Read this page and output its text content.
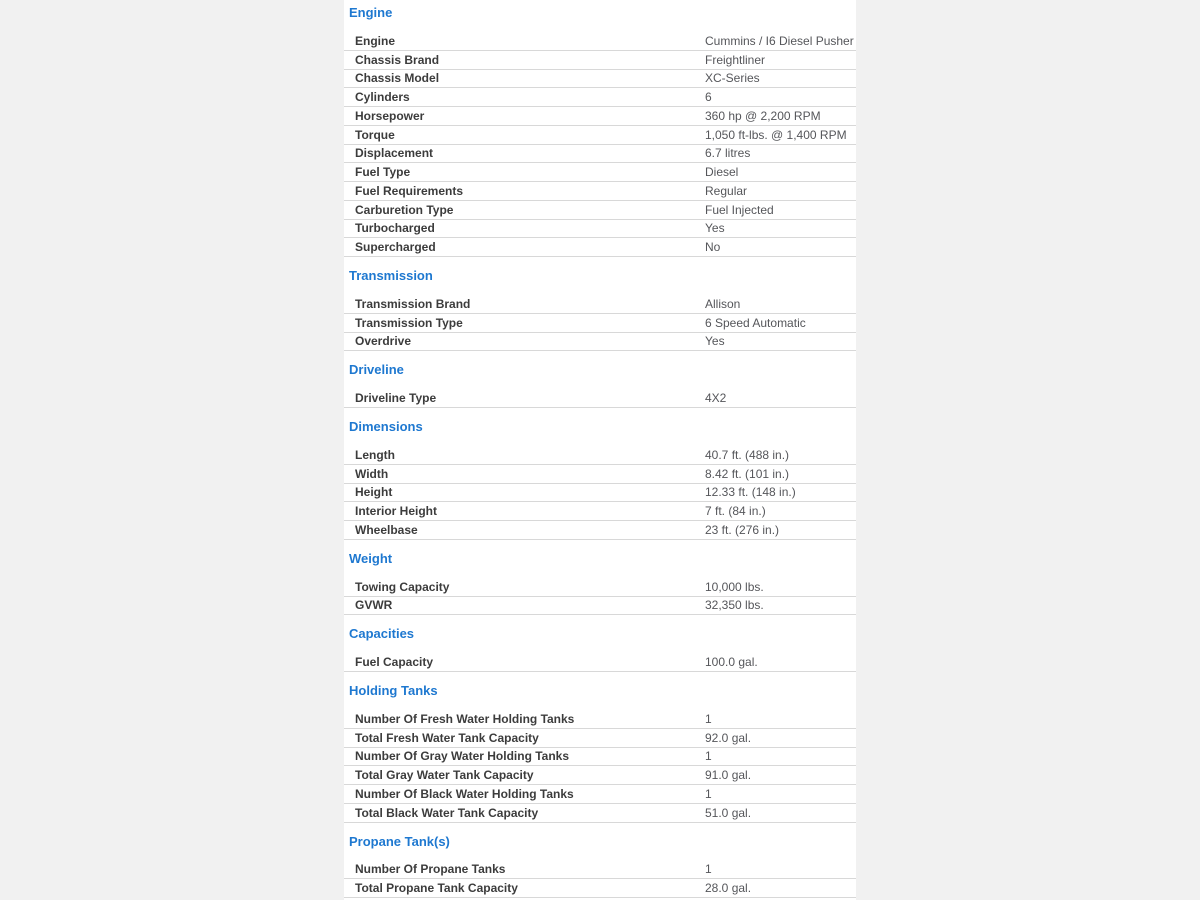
Engine
Engine	Cummins / I6 Diesel Pusher
Chassis Brand	Freightliner
Chassis Model	XC-Series
Cylinders	6
Horsepower	360 hp @ 2,200 RPM
Torque	1,050 ft-lbs. @ 1,400 RPM
Displacement	6.7 litres
Fuel Type	Diesel
Fuel Requirements	Regular
Carburetion Type	Fuel Injected
Turbocharged	Yes
Supercharged	No
Transmission
Transmission Brand	Allison
Transmission Type	6 Speed Automatic
Overdrive	Yes
Driveline
Driveline Type	4X2
Dimensions
Length	40.7 ft. (488 in.)
Width	8.42 ft. (101 in.)
Height	12.33 ft. (148 in.)
Interior Height	7 ft. (84 in.)
Wheelbase	23 ft. (276 in.)
Weight
Towing Capacity	10,000 lbs.
GVWR	32,350 lbs.
Capacities
Fuel Capacity	100.0 gal.
Holding Tanks
Number Of Fresh Water Holding Tanks	1
Total Fresh Water Tank Capacity	92.0 gal.
Number Of Gray Water Holding Tanks	1
Total Gray Water Tank Capacity	91.0 gal.
Number Of Black Water Holding Tanks	1
Total Black Water Tank Capacity	51.0 gal.
Propane Tank(s)
Number Of Propane Tanks	1
Total Propane Tank Capacity	28.0 gal.
